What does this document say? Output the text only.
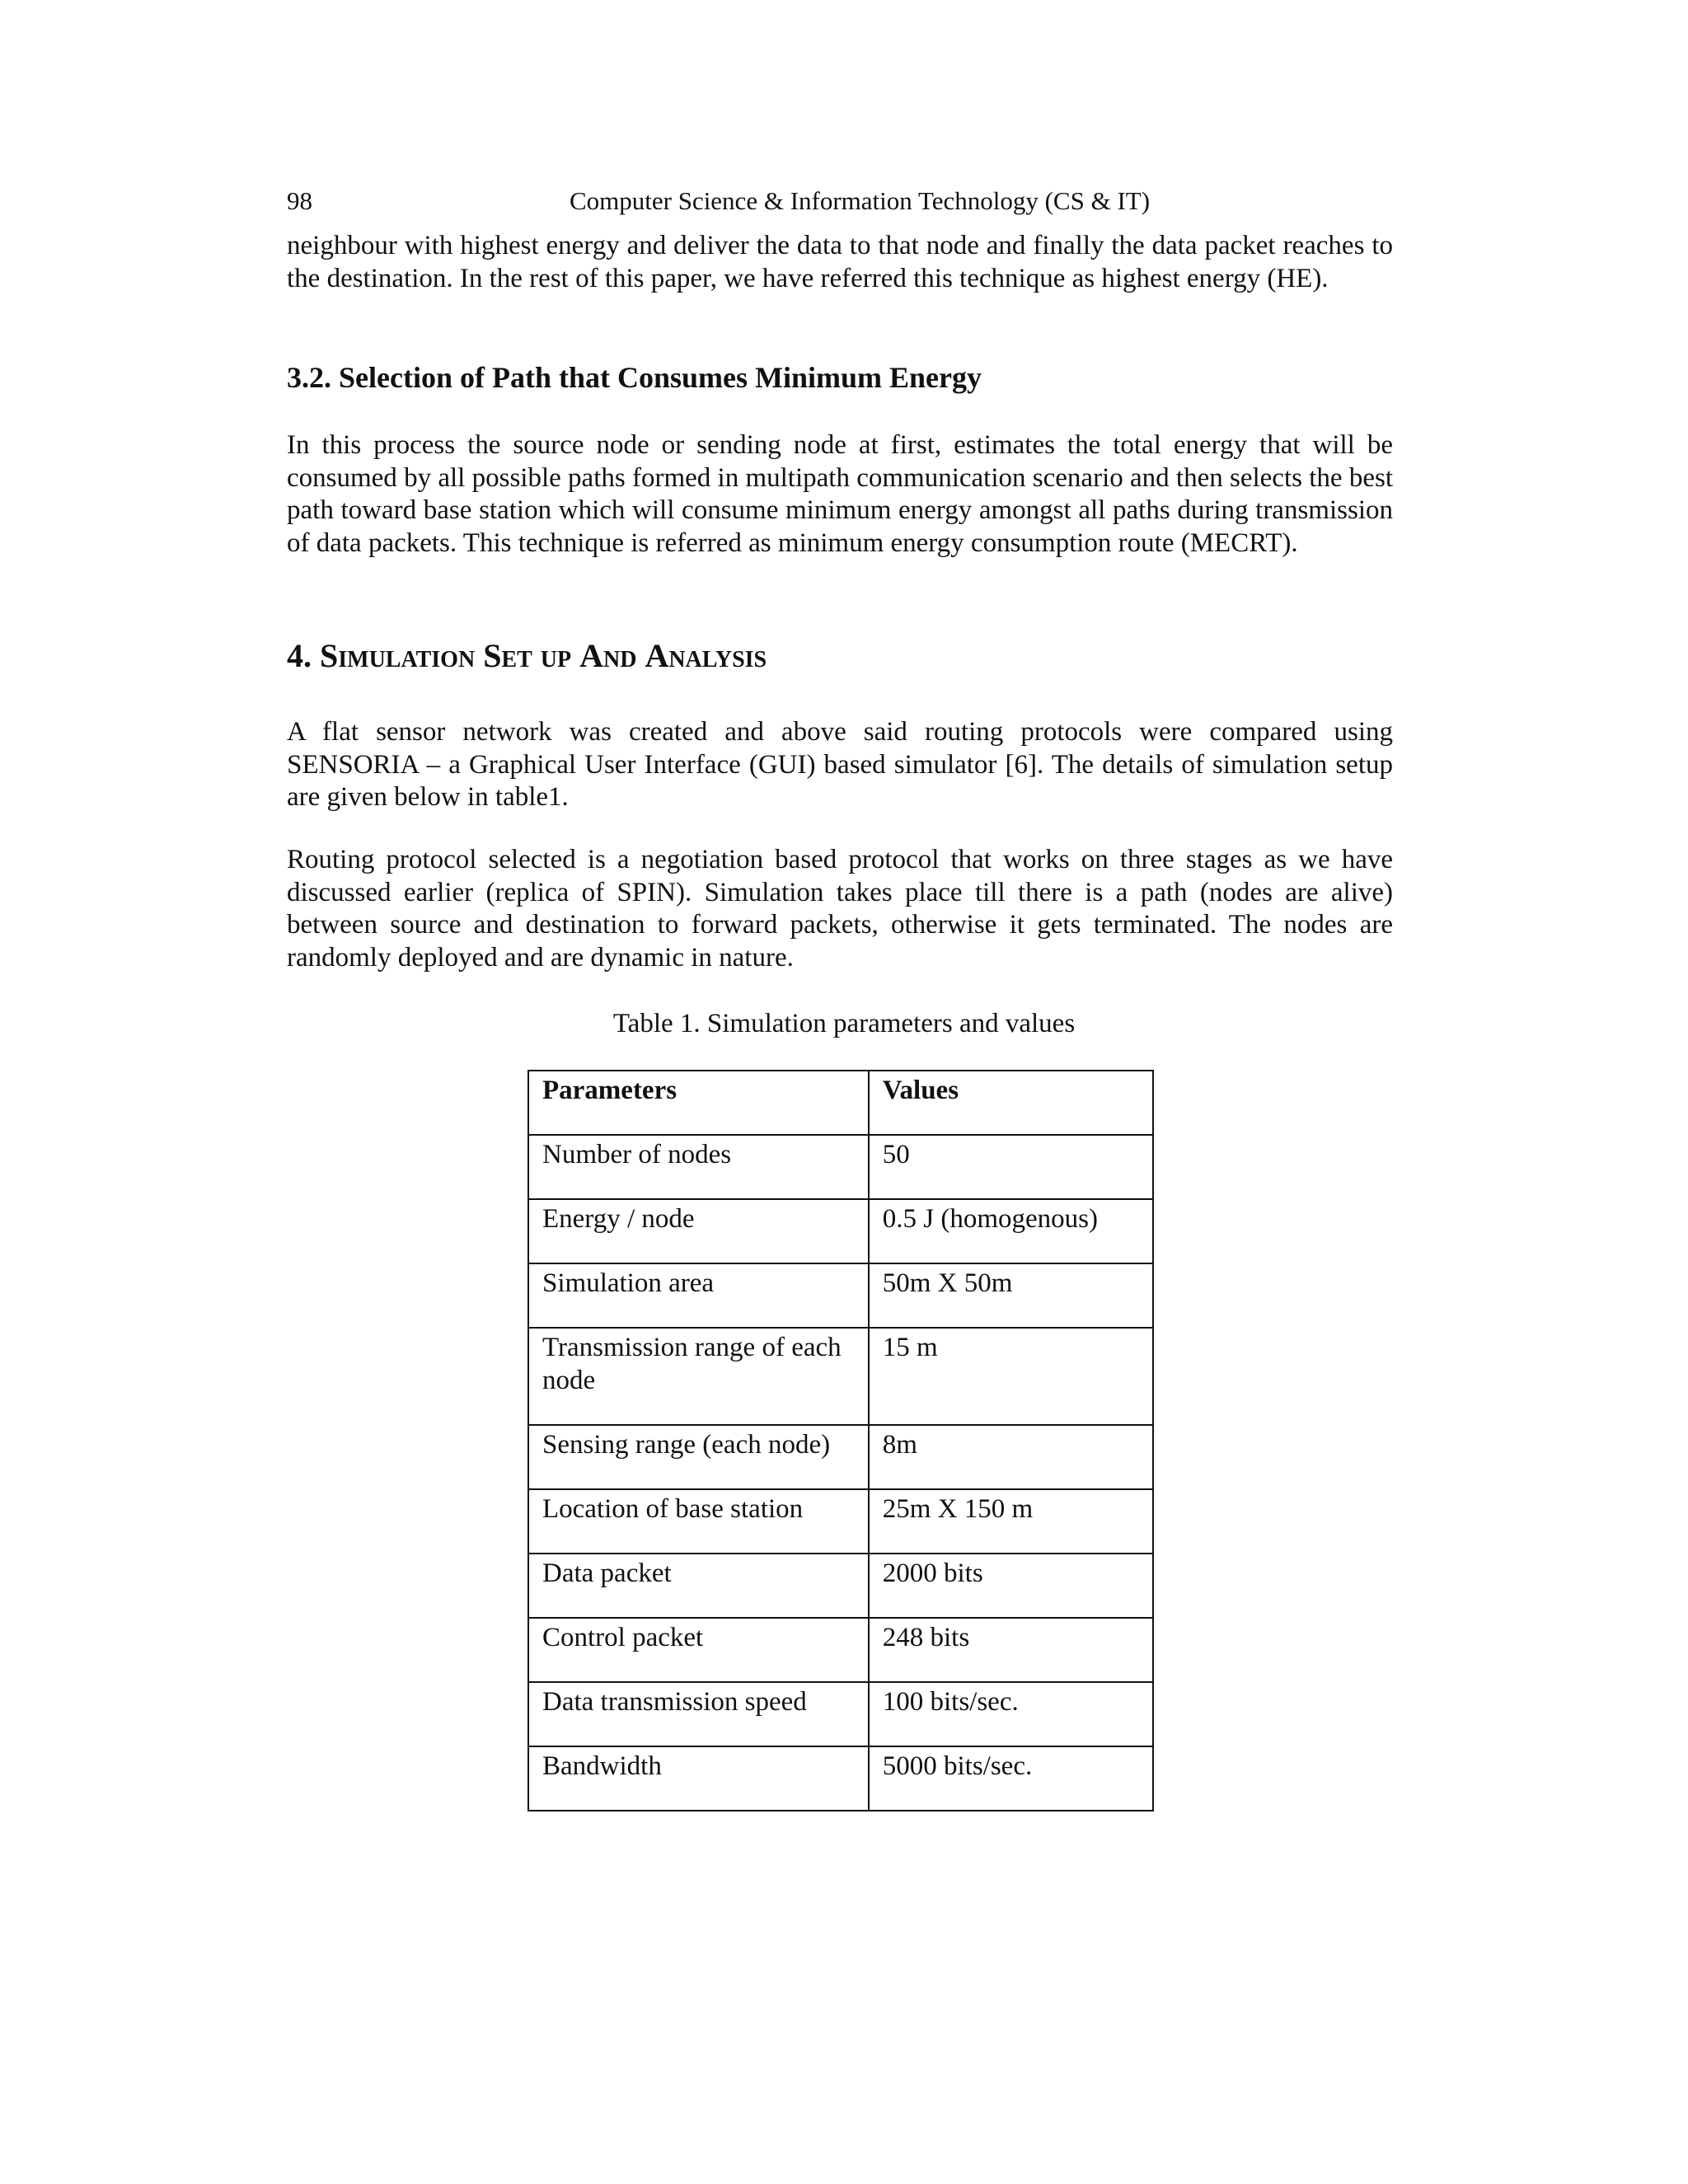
98	Computer Science & Information Technology (CS & IT)

neighbour with highest energy and deliver the data to that node and finally the data packet reaches to the destination. In the rest of this paper, we have referred this technique as highest energy (HE).

3.2. Selection of Path that Consumes Minimum Energy

In this process the source node or sending node at first, estimates the total energy that will be consumed by all possible paths formed in multipath communication scenario and then selects the best path toward base station which will consume minimum energy amongst all paths during transmission of data packets. This technique is referred as minimum energy consumption route (MECRT).

4. Simulation Set up And Analysis

A flat sensor network was created and above said routing protocols were compared using SENSORIA – a Graphical User Interface (GUI) based simulator [6]. The details of simulation setup are given below in table1.

Routing protocol selected is a negotiation based protocol that works on three stages as we have discussed earlier (replica of SPIN). Simulation takes place till there is a path (nodes are alive) between source and destination to forward packets, otherwise it gets terminated. The nodes are randomly deployed and are dynamic in nature.

Table 1. Simulation parameters and values
Parameters	Values
Number of nodes	50
Energy / node	0.5 J (homogenous)
Simulation area	50m X 50m
Transmission range of each node	15 m
Sensing range (each node)	8m
Location of base station	25m X 150 m
Data packet	2000 bits
Control packet	248 bits
Data transmission speed	100 bits/sec.
Bandwidth	5000 bits/sec.
